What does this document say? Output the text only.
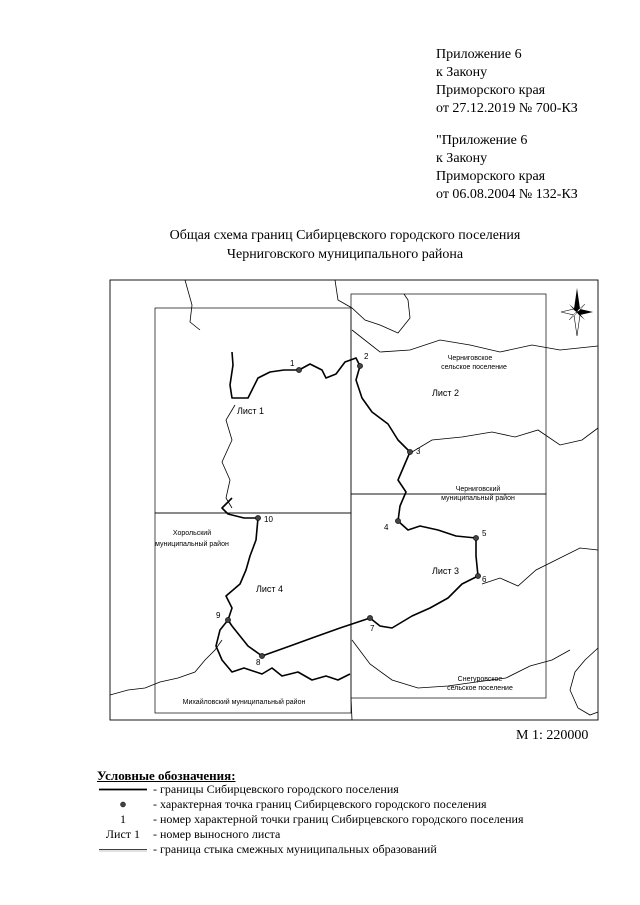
Приложение 6
к Закону
Приморского края
от 27.12.2019 № 700-КЗ
"Приложение 6
к Закону
Приморского края
от 06.08.2004 № 132-КЗ
Общая схема границ Сибирцевского городского поселения
Черниговского муниципального района
1
2
3
4
5
6
7
8
9
10
Лист 1
Лист 2
Лист 3
Лист 4
Черниговское
сельское поселение
Черниговский
муниципальный район
Хорольский
муниципальный район
Снегуровское
сельское поселение
Михайловский муниципальный район
М 1: 220000
Условные обозначения:
- границы Сибирцевского городского поселения
- характерная точка границ Сибирцевского городского поселения
1	- номер характерной точки границ Сибирцевского городского поселения
Лист 1	- номер выносного листа
- граница стыка смежных муниципальных образований
